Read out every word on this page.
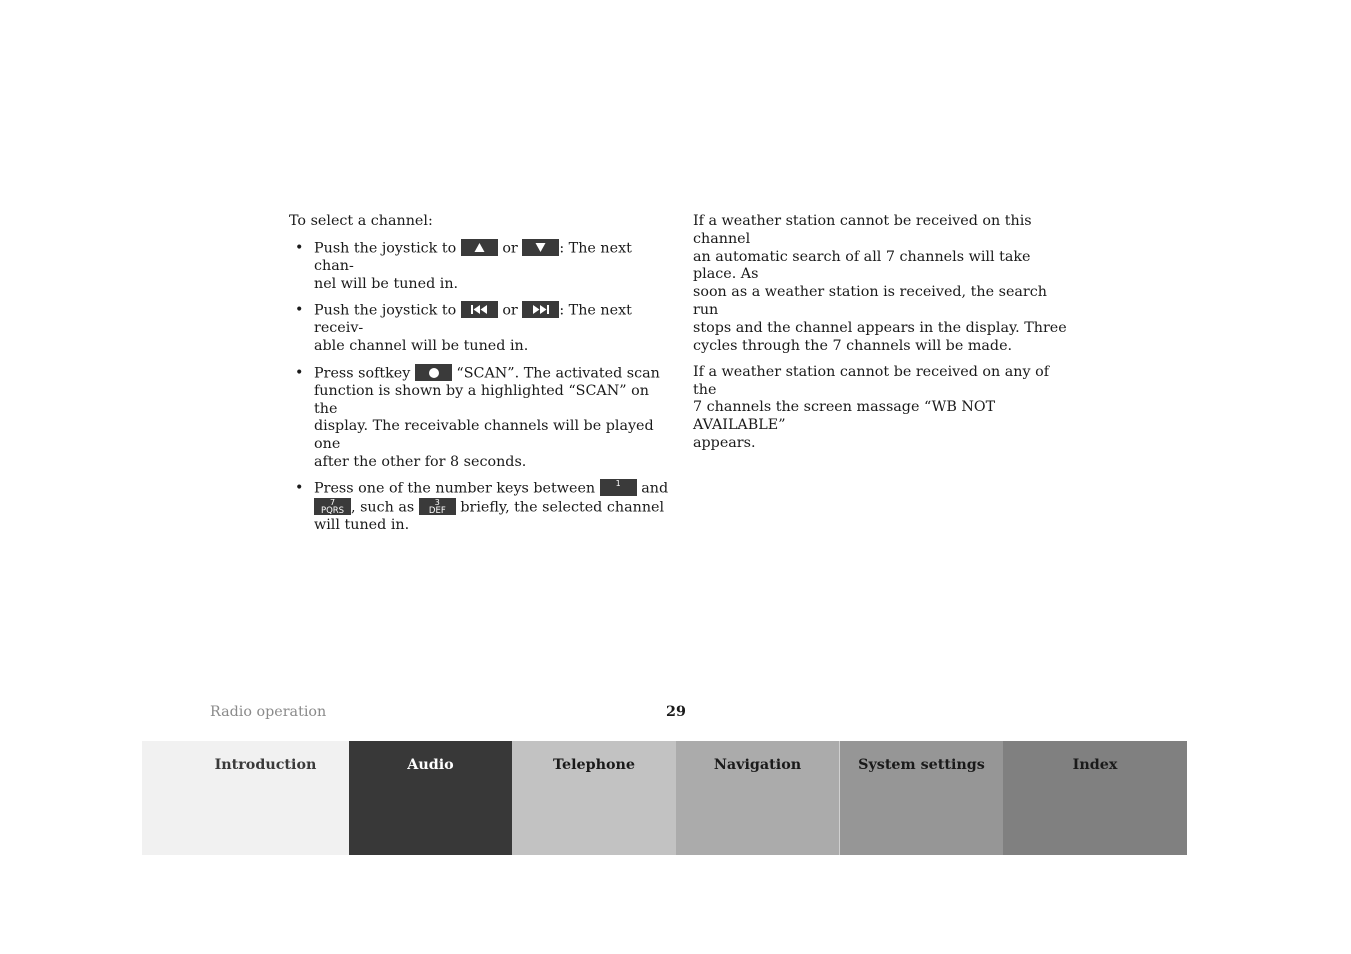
To select a channel:

• Push the joystick to	or	: The next chan-
nel will be tuned in.
• Push the joystick to	or	: The next receiv-
able channel will be tuned in.
• Press softkey	“SCAN”. The activated scan
function is shown by a highlighted “SCAN” on the
display. The receivable channels will be played one
after the other for 8 seconds.
• Press one of the number keys between	1	and

7
PQRS , such as	3
DEF	briefly, the selected channel
will tuned in.

If a weather station cannot be received on this channel
an automatic search of all 7 channels will take place. As
soon as a weather station is received, the search run
stops and the channel appears in the display. Three
cycles through the 7 channels will be made.

If a weather station cannot be received on any of the
7 channels the screen massage “WB NOT AVAILABLE”
appears.

Radio operation	29
Introduction	Audio	Telephone	Navigation	System settings	Index
